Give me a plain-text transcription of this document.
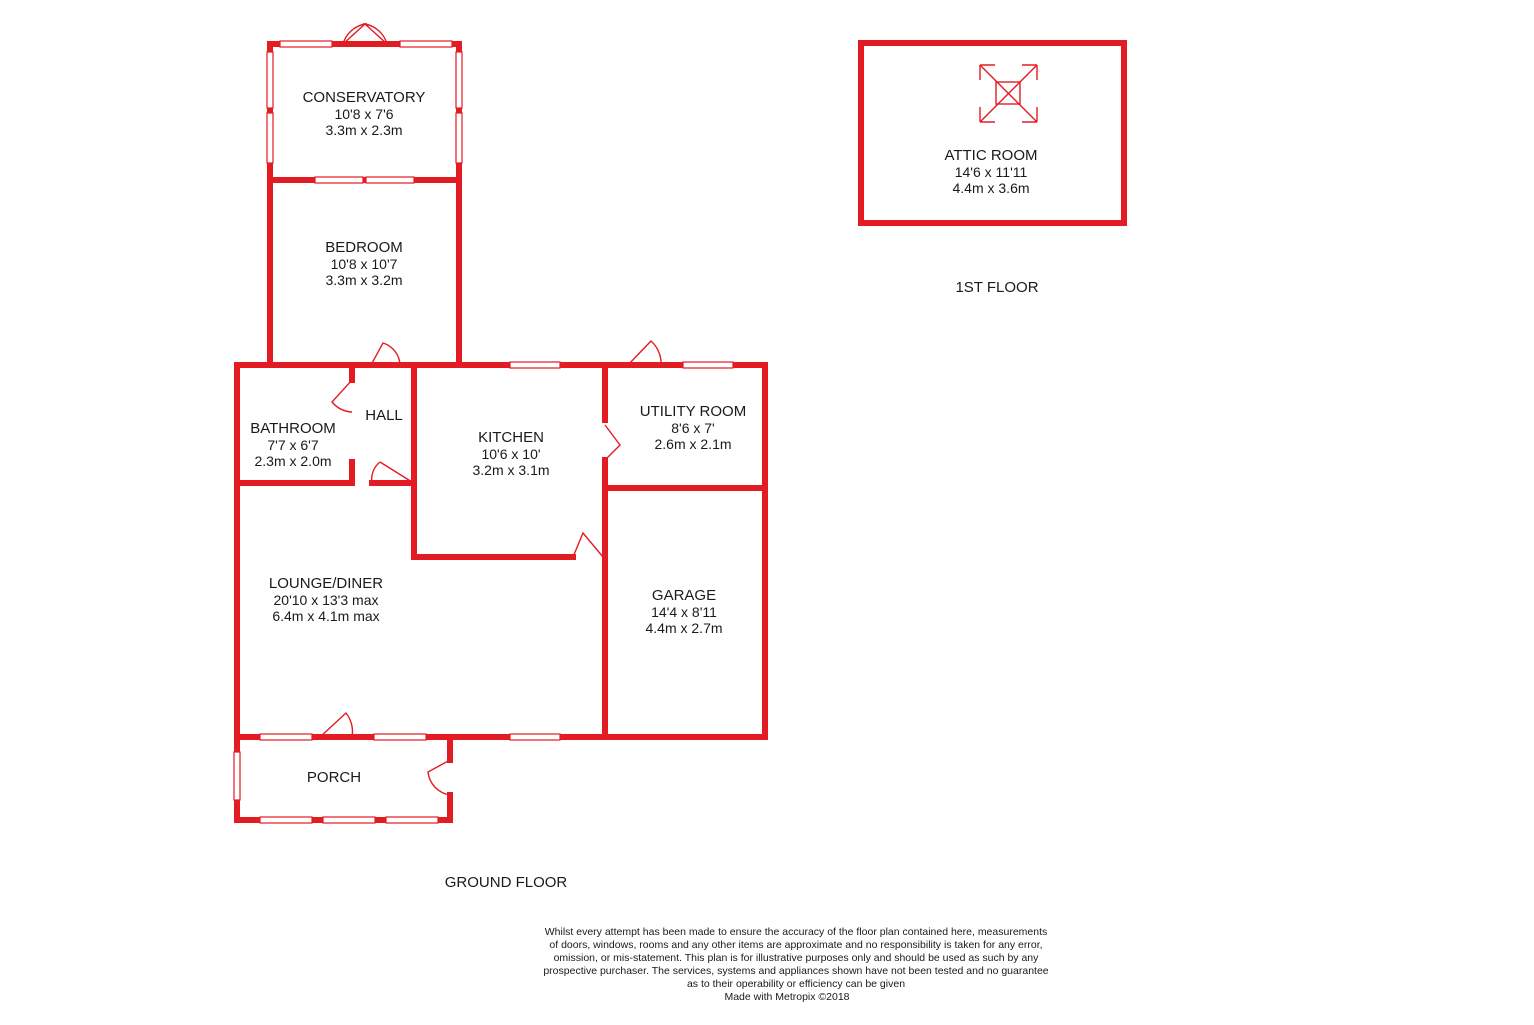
CONSERVATORY
10'8 x 7'6
3.3m x 2.3m
BEDROOM
10'8 x 10'7
3.3m x 3.2m
BATHROOM
7'7 x 6'7
2.3m x 2.0m
HALL
KITCHEN
10'6 x 10'
3.2m x 3.1m
UTILITY ROOM
8'6 x 7'
2.6m x 2.1m
LOUNGE/DINER
20'10 x 13'3 max
6.4m x 4.1m max
GARAGE
14'4 x 8'11
4.4m x 2.7m
PORCH
ATTIC ROOM
14'6 x 11'11
4.4m x 3.6m
1ST FLOOR
GROUND FLOOR
Whilst every attempt has been made to ensure the accuracy of the floor plan contained here, measurements
of doors, windows, rooms and any other items are approximate and no responsibility is taken for any error,
omission, or mis-statement. This plan is for illustrative purposes only and should be used as such by any
prospective purchaser. The services, systems and appliances shown have not been tested and no guarantee
as to their operability or efficiency can be given
Made with Metropix ©2018
